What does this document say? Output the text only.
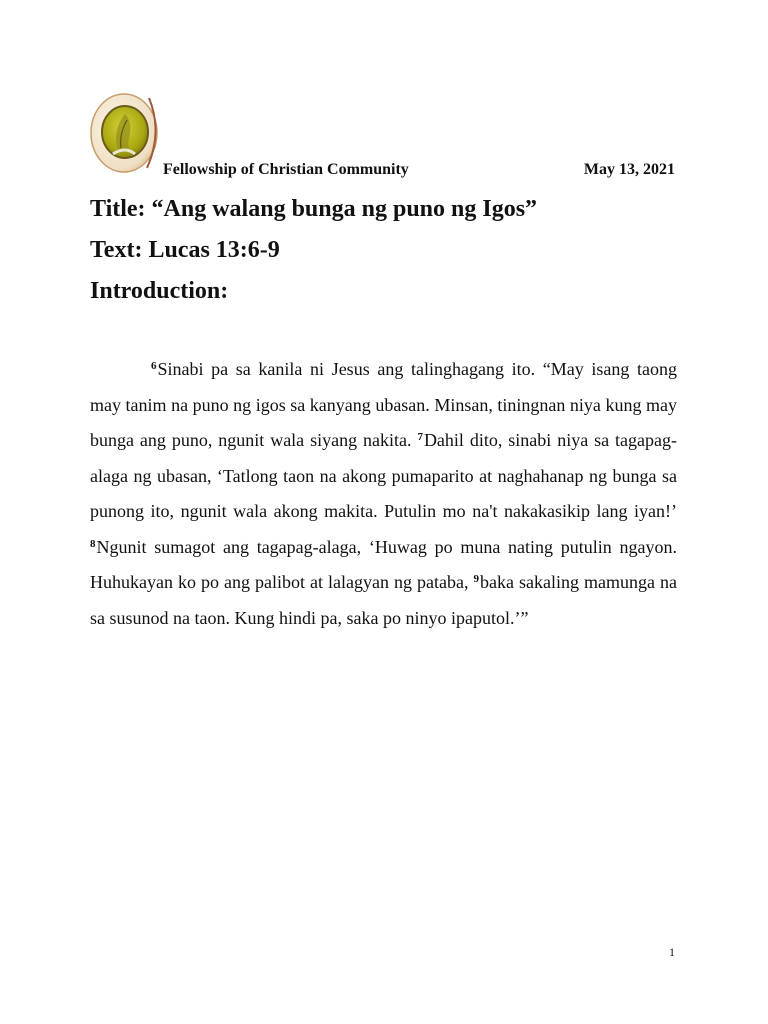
Fellowship of Christian Community	May 13, 2021
Title: “Ang walang bunga ng puno ng Igos”
Text: Lucas 13:6-9
Introduction:

$^6$Sinabi pa sa kanila ni Jesus ang talinghagang ito. “May isang taong may tanim na puno ng igos sa kanyang ubasan. Minsan, tiningnan niya kung may bunga ang puno, ngunit wala siyang nakita. $^7$Dahil dito, sinabi niya sa tagapag-alaga ng ubasan, ‘Tatlong taon na akong pumaparito at naghahanap ng bunga sa punong ito, ngunit wala akong makita. Putulin mo na't nakakasikip lang iyan!’ $^8$Ngunit sumagot ang tagapag-alaga, ‘Huwag po muna nating putulin ngayon. Huhukayan ko po ang palibot at lalagyan ng pataba, $^9$baka sakaling mamunga na sa susunod na taon. Kung hindi pa, saka po ninyo ipaputol.’”

1
